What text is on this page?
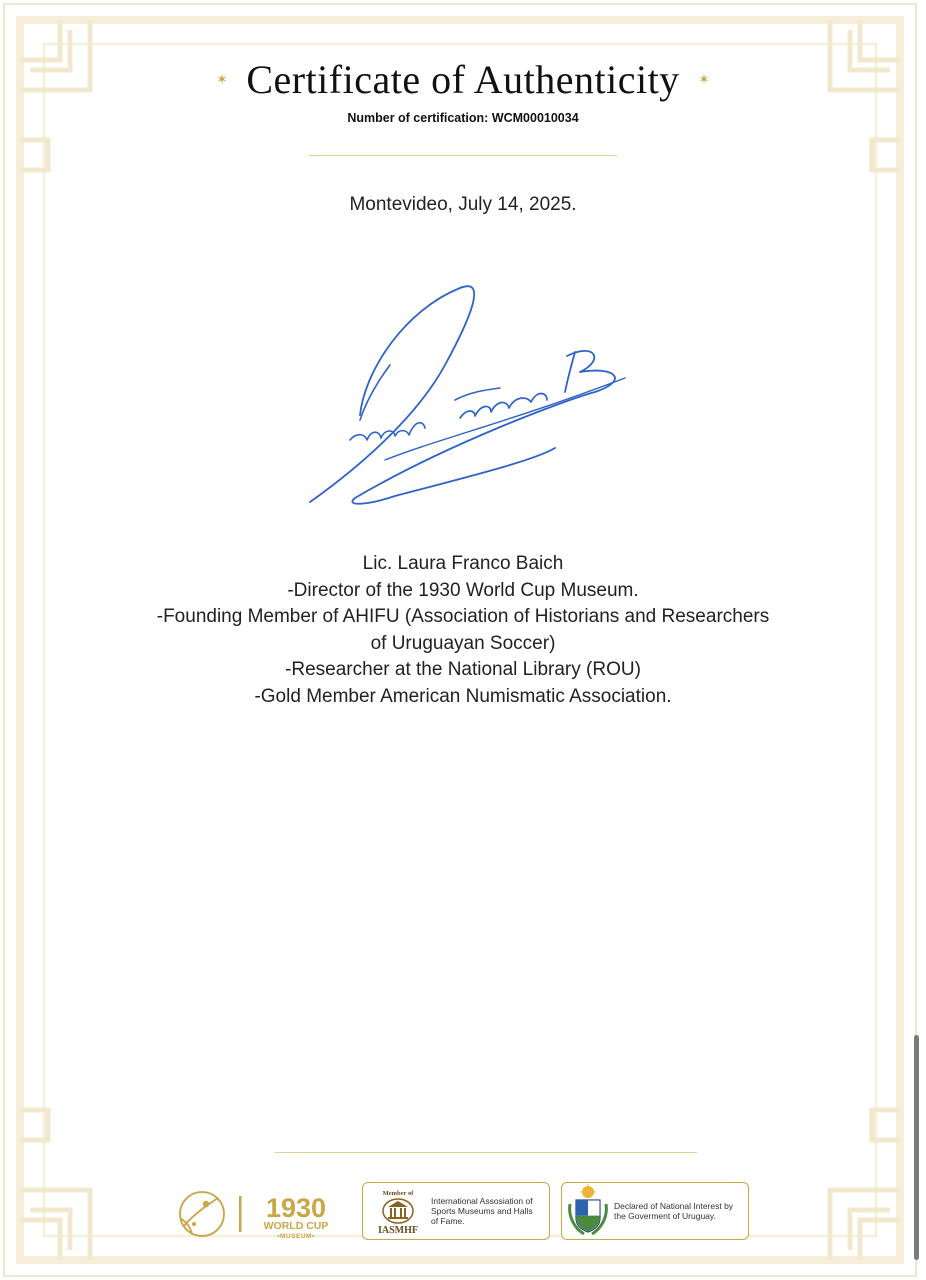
✶ Certificate of Authenticity ✶
Number of certification: WCM00010034
Montevideo, July 14, 2025.
Lic. Laura Franco Baich
-Director of the 1930 World Cup Museum.
-Founding Member of AHIFU (Association of Historians and Researchers
of Uruguayan Soccer)
-Researcher at the National Library (ROU)
-Gold Member American Numismatic Association.
1930
WORLD CUP
•MUSEUM•
Member of
IASMHF
International Assosiation of
Sports Museums and Halls
of Fame.
Declared of National Interest by
the Goverment of Uruguay.
